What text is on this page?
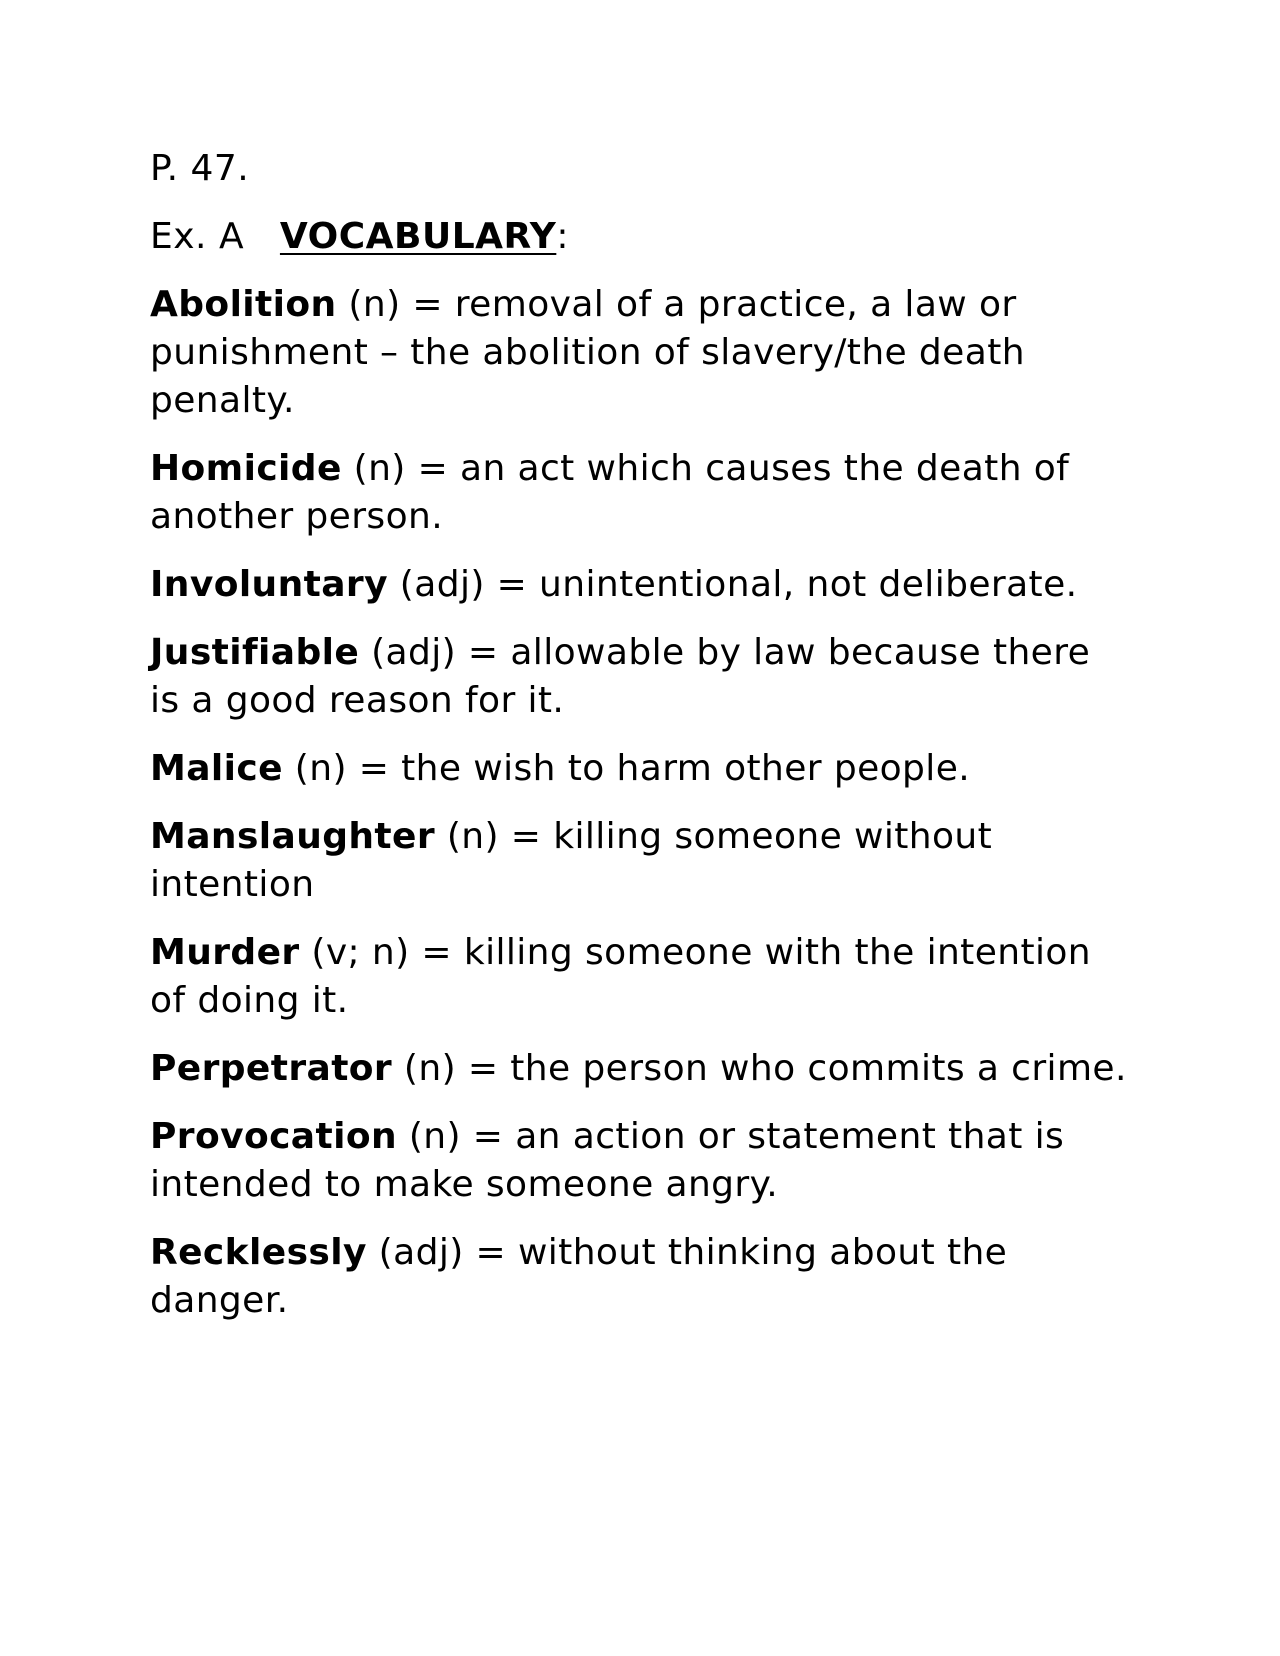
P. 47.
Ex. A VOCABULARY:
Abolition (n) = removal of a practice, a law or punishment – the abolition of slavery/the death penalty.
Homicide (n) = an act which causes the death of another person.
Involuntary (adj) = unintentional, not deliberate.
Justifiable (adj) = allowable by law because there is a good reason for it.
Malice (n) = the wish to harm other people.
Manslaughter (n) = killing someone without intention
Murder (v; n) = killing someone with the intention of doing it.
Perpetrator (n) = the person who commits a crime.
Provocation (n) = an action or statement that is intended to make someone angry.
Recklessly (adj) = without thinking about the danger.
